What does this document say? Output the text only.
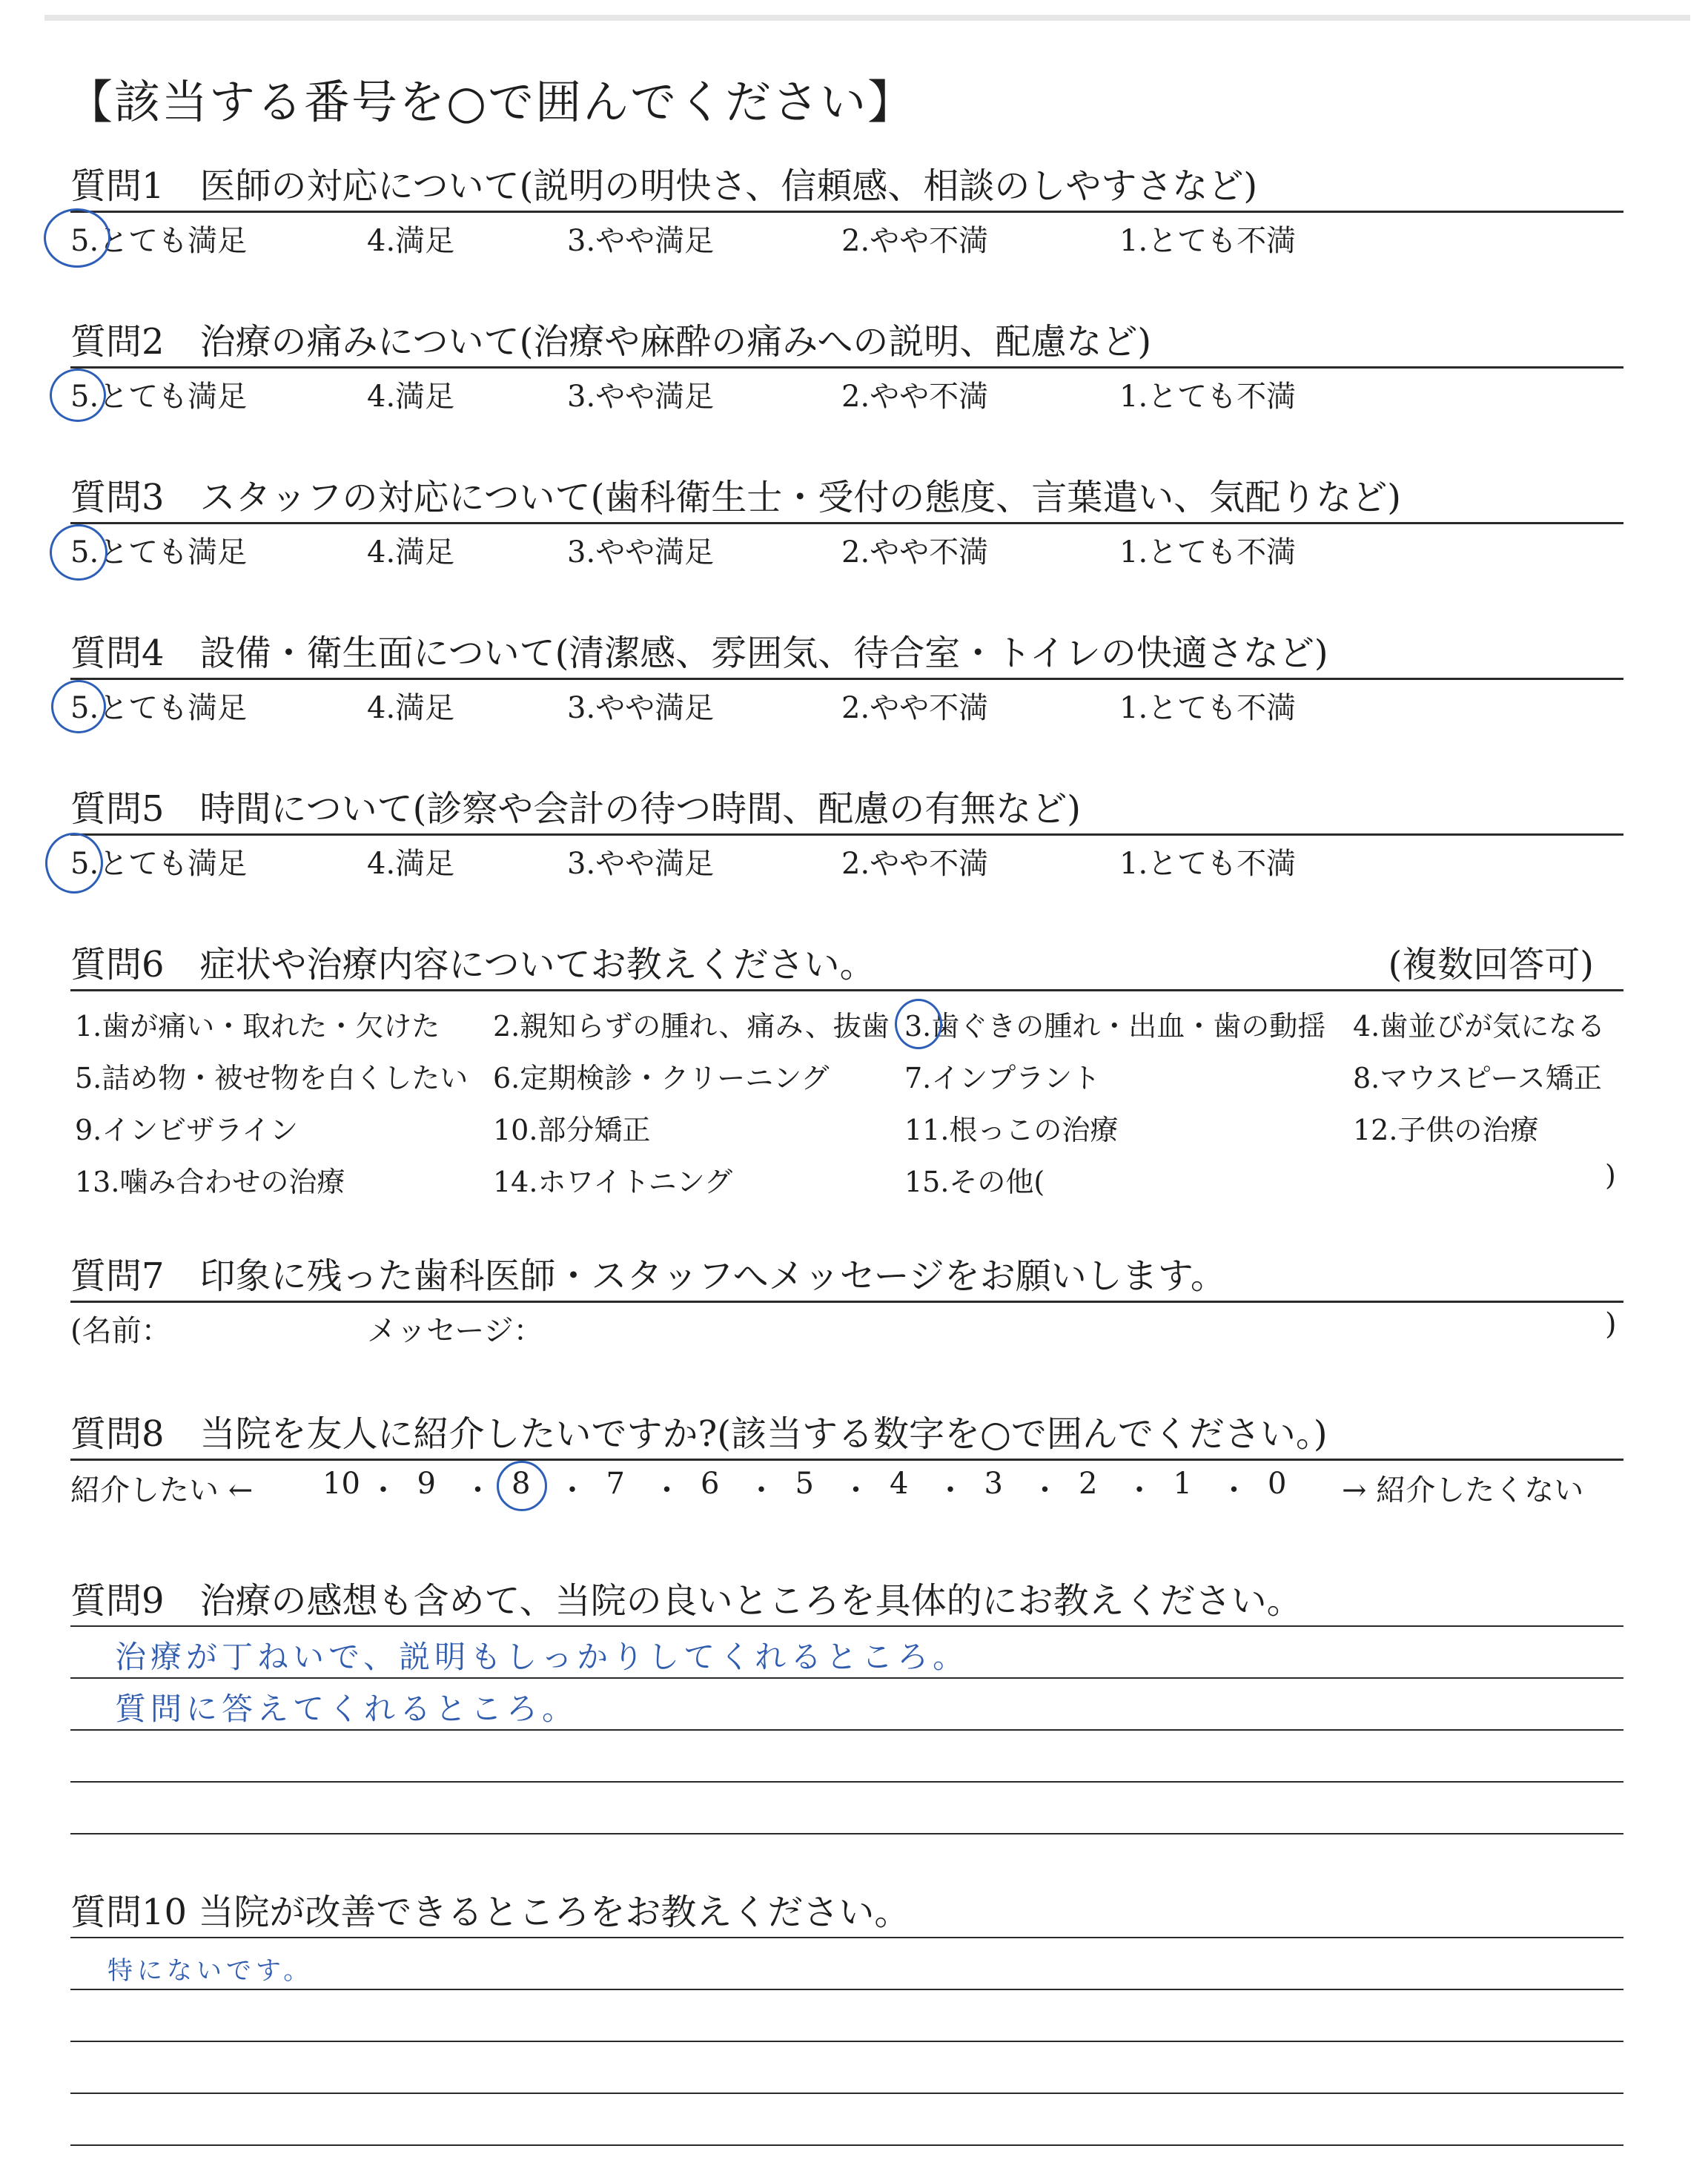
【該当する番号を○で囲んでください】
質問1　医師の対応について(説明の明快さ、信頼感、相談のしやすさなど)
5.とても満足	4.満足	3.やや満足	2.やや不満	1.とても不満
質問2　治療の痛みについて(治療や麻酔の痛みへの説明、配慮など)
5.とても満足	4.満足	3.やや満足	2.やや不満	1.とても不満
質問3　スタッフの対応について(歯科衛生士・受付の態度、言葉遣い、気配りなど)
5.とても満足	4.満足	3.やや満足	2.やや不満	1.とても不満
質問4　設備・衛生面について(清潔感、雰囲気、待合室・トイレの快適さなど)
5.とても満足	4.満足	3.やや満足	2.やや不満	1.とても不満
質問5　時間について(診察や会計の待つ時間、配慮の有無など)
5.とても満足	4.満足	3.やや満足	2.やや不満	1.とても不満
質問6　症状や治療内容についてお教えください。	(複数回答可)
1.歯が痛い・取れた・欠けた 2.親知らずの腫れ、痛み、抜歯 3.歯ぐきの腫れ・出血・歯の動揺 4.歯並びが気になる
5.詰め物・被せ物を白くしたい 6.定期検診・クリーニング	7.インプラント	8.マウスピース矯正
9.インビザライン	10.部分矯正	11.根っこの治療	12.子供の治療
13.噛み合わせの治療	14.ホワイトニング	15.その他(	)
質問7　印象に残った歯科医師・スタッフへメッセージをお願いします。
(名前：	メッセージ：	)
質問8　当院を友人に紹介したいですか?(該当する数字を○で囲んでください。)
紹介したい ←	→ 紹介したくない
10 ・ 9 ・ 8 ・ 7 ・ 6 ・ 5 ・ 4 ・ 3 ・ 2 ・ 1 ・ 0
質問9　治療の感想も含めて、当院の良いところを具体的にお教えください。
治療が丁ねいで、説明もしっかりしてくれるところ。
質問に答えてくれるところ。
質問10 当院が改善できるところをお教えください。
特にないです。
